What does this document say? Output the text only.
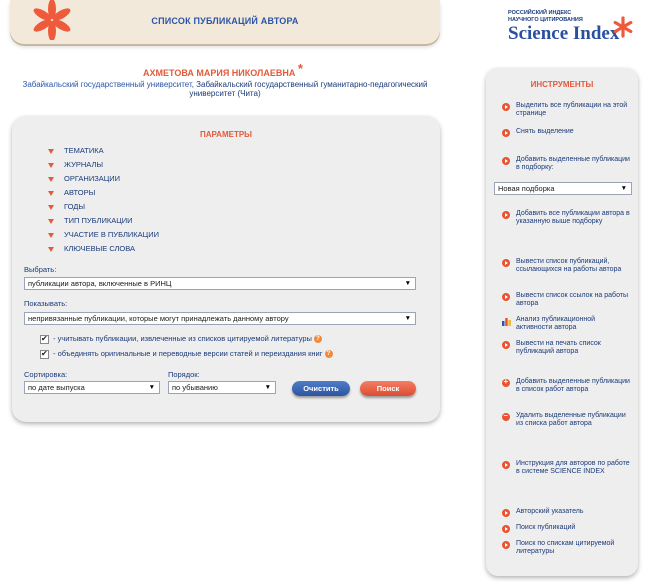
СПИСОК ПУБЛИКАЦИЙ АВТОРА
РОССИЙСКИЙ ИНДЕКС
НАУЧНОГО ЦИТИРОВАНИЯ
Science Index
АХМЕТОВА МАРИЯ НИКОЛАЕВНА *
Забайкальский государственный университет, Забайкальский государственный гуманитарно-педагогический университет (Чита)
ПАРАМЕТРЫ
ТЕМАТИКА
ЖУРНАЛЫ
ОРГАНИЗАЦИИ
АВТОРЫ
ГОДЫ
ТИП ПУБЛИКАЦИИ
УЧАСТИЕ В ПУБЛИКАЦИИ
КЛЮЧЕВЫЕ СЛОВА
Выбрать:
публикации автора, включенные в РИНЦ	▼
Показывать:
непривязанные публикации, которые могут принадлежать данному автору	▼
✔- учитывать публикации, извлеченные из списков цитируемой литературы ?
✔- объединять оригинальные и переводные версии статей и переиздания книг ?
Сортировка:
по дате выпуска	▼
Порядок:
по убыванию	▼	Очистить	Поиск
ИНСТРУМЕНТЫ
Выделить все публикации на этой странице
Снять выделение
Добавить выделенные публикации в подборку:
Новая подборка	▼
Добавить все публикации автора в указанную выше подборку
Вывести список публикаций, ссылающихся на работы автора
Вывести список ссылок на работы автора
Анализ публикационной активности автора
Вывести на печать список публикаций автора
+
Добавить выделенные публикации в список работ автора
–
Удалить выделенные публикации из списка работ автора
Инструкция для авторов по работе в системе SCIENCE INDEX
Авторский указатель
Поиск публикаций
Поиск по спискам цитируемой литературы
